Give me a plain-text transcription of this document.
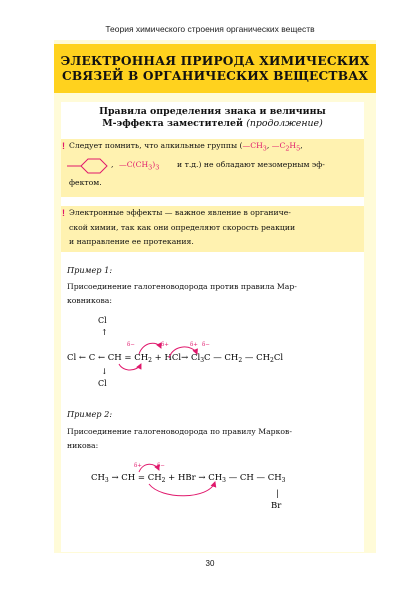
Теория химического строения органических веществ
ЭЛЕКТРОННАЯ ПРИРОДА ХИМИЧЕСКИХ
СВЯЗЕЙ В ОРГАНИЧЕСКИХ ВЕЩЕСТВАХ
Правила определения знака и величины
М-эффекта заместителей (продолжение)
! Следует помнить, что алкильные группы ($—CH_3$, $—C_2H_5$,
, $—C(CH_3)_3$ и т.д.) не обладают мезомерным эф-
фектом.
! Электронные эффекты — важное явление в органиче-
ской химии, так как они определяют скорость реакции
и направление ее протекания.
Пример 1:
Присоединение галогеноводорода против правила Мар-
ковникова:
Cl
↑
Cl ← C ← CH = $CH_2 + HCl\to Cl_3C$ — $CH_2$ — $CH_2Cl$
↓
Cl
δ−	δ+	δ+ δ−
Пример 2:
Присоединение галогеноводорода по правилу Марков-
никова:
$CH_3$ → CH = $CH_2$ + HBr → $CH_3$ — CH — $CH_3$
δ+	δ−
|
Br
30
